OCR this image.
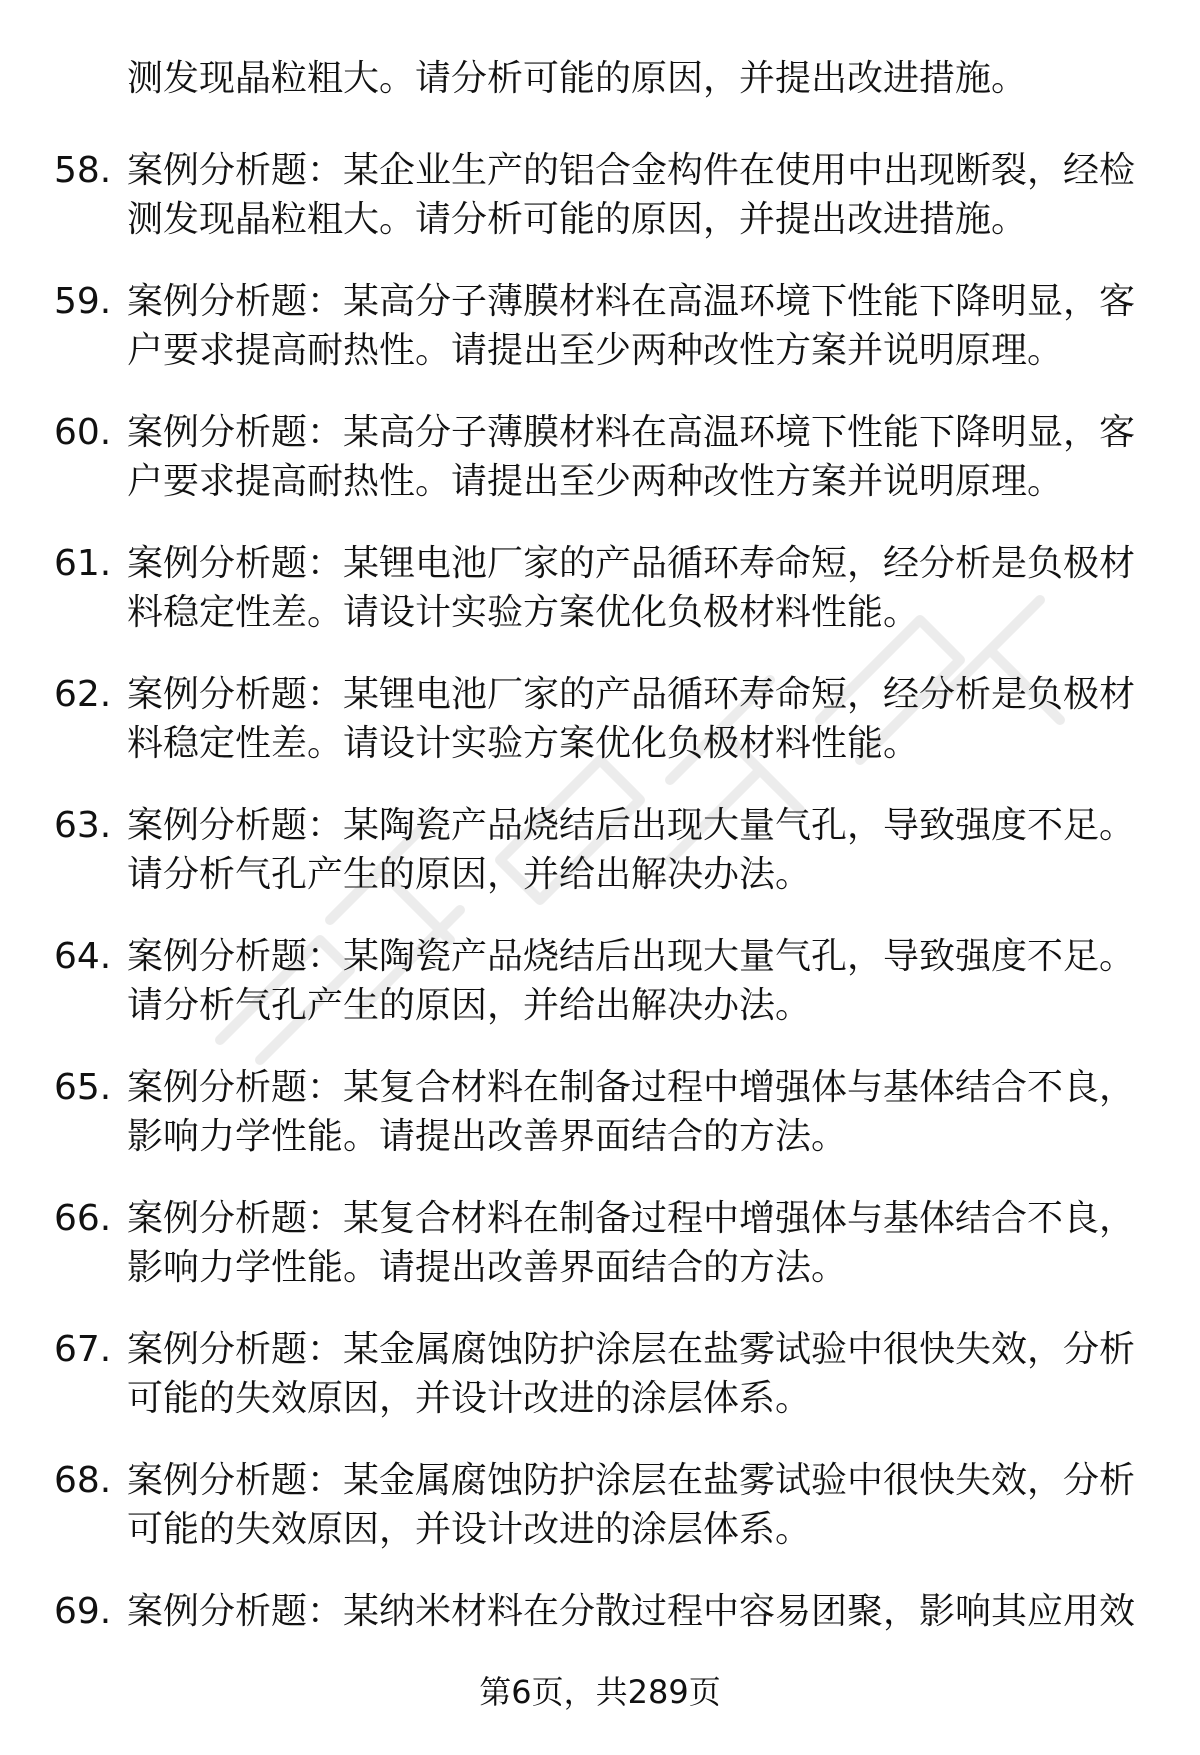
测发现晶粒粗大。请分析可能的原因，并提出改进措施。
58. 案例分析题：某企业生产的铝合金构件在使用中出现断裂，经检
测发现晶粒粗大。请分析可能的原因，并提出改进措施。
59. 案例分析题：某高分子薄膜材料在高温环境下性能下降明显，客
户要求提高耐热性。请提出至少两种改性方案并说明原理。
60. 案例分析题：某高分子薄膜材料在高温环境下性能下降明显，客
户要求提高耐热性。请提出至少两种改性方案并说明原理。
61. 案例分析题：某锂电池厂家的产品循环寿命短，经分析是负极材
料稳定性差。请设计实验方案优化负极材料性能。
62. 案例分析题：某锂电池厂家的产品循环寿命短，经分析是负极材
料稳定性差。请设计实验方案优化负极材料性能。
63. 案例分析题：某陶瓷产品烧结后出现大量气孔，导致强度不足。
请分析气孔产生的原因，并给出解决办法。
64. 案例分析题：某陶瓷产品烧结后出现大量气孔，导致强度不足。
请分析气孔产生的原因，并给出解决办法。
65. 案例分析题：某复合材料在制备过程中增强体与基体结合不良，
影响力学性能。请提出改善界面结合的方法。
66. 案例分析题：某复合材料在制备过程中增强体与基体结合不良，
影响力学性能。请提出改善界面结合的方法。
67. 案例分析题：某金属腐蚀防护涂层在盐雾试验中很快失效，分析
可能的失效原因，并设计改进的涂层体系。
68. 案例分析题：某金属腐蚀防护涂层在盐雾试验中很快失效，分析
可能的失效原因，并设计改进的涂层体系。
69. 案例分析题：某纳米材料在分散过程中容易团聚，影响其应用效
第6页，共289页
